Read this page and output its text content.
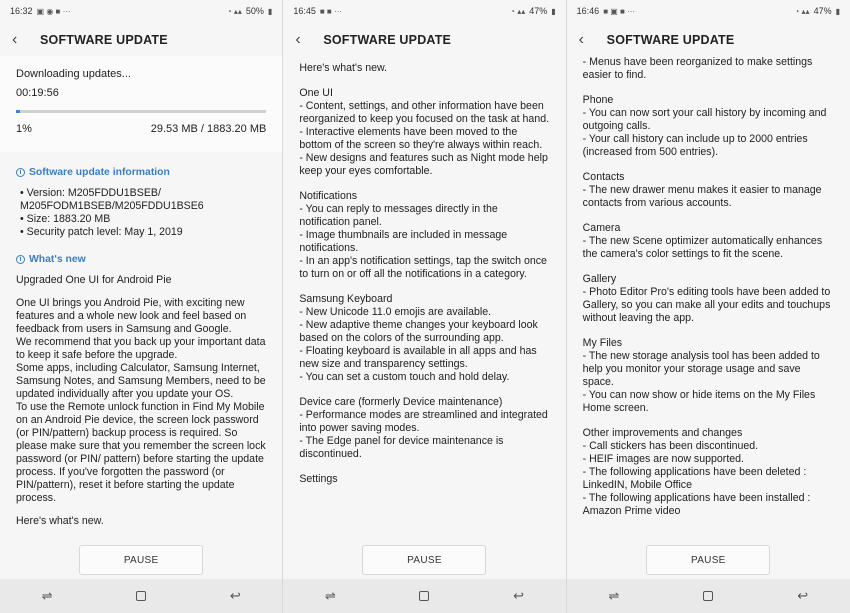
16:32 ▣ ◉ ■ ···	◔ ▴▴ 50% ▮
‹	SOFTWARE UPDATE
Downloading updates...
00:19:56
1%	29.53 MB / 1883.20 MB
i Software update information
• Version: M205FDDU1BSEB/
M205FODM1BSEB/M205FDDU1BSE6
• Size: 1883.20 MB
• Security patch level: May 1, 2019
i What's new
Upgraded One UI for Android Pie
One UI brings you Android Pie, with exciting new features and a whole new look and feel based on feedback from users in Samsung and Google.
We recommend that you back up your important data to keep it safe before the upgrade.
Some apps, including Calculator, Samsung Internet, Samsung Notes, and Samsung Members, need to be updated individually after you update your OS.
To use the Remote unlock function in Find My Mobile on an Android Pie device, the screen lock password (or PIN/pattern) backup process is required. So please make sure that you remember the screen lock password (or PIN/ pattern) before starting the update process. If you've forgotten the password (or PIN/pattern), reset it before starting the update process.
Here's what's new.
PAUSE
⇌	↩
16:45 ■ ■ ···	◔ ▴▴ 47% ▮
‹	SOFTWARE UPDATE
Here's what's new.
One UI
- Content, settings, and other information have been reorganized to keep you focused on the task at hand.
- Interactive elements have been moved to the bottom of the screen so they're always within reach.
- New designs and features such as Night mode help keep your eyes comfortable.
Notifications
- You can reply to messages directly in the notification panel.
- Image thumbnails are included in message notifications.
- In an app's notification settings, tap the switch once to turn on or off all the notifications in a category.
Samsung Keyboard
- New Unicode 11.0 emojis are available.
- New adaptive theme changes your keyboard look based on the colors of the surrounding app.
- Floating keyboard is available in all apps and has new size and transparency settings.
- You can set a custom touch and hold delay.
Device care (formerly Device maintenance)
- Performance modes are streamlined and integrated into power saving modes.
- The Edge panel for device maintenance is discontinued.
Settings
PAUSE
⇌	↩
16:46 ■ ▣ ■ ···	◔ ▴▴ 47% ▮
‹	SOFTWARE UPDATE
- Menus have been reorganized to make settings easier to find.
Phone
- You can now sort your call history by incoming and outgoing calls.
- Your call history can include up to 2000 entries (increased from 500 entries).
Contacts
- The new drawer menu makes it easier to manage contacts from various accounts.
Camera
- The new Scene optimizer automatically enhances the camera's color settings to fit the scene.
Gallery
- Photo Editor Pro's editing tools have been added to Gallery, so you can make all your edits and touchups without leaving the app.
My Files
- The new storage analysis tool has been added to help you monitor your storage usage and save space.
- You can now show or hide items on the My Files Home screen.
Other improvements and changes
- Call stickers has been discontinued.
- HEIF images are now supported.
- The following applications have been deleted : LinkedIN, Mobile Office
- The following applications have been installed : Amazon Prime video
PAUSE
⇌	↩
